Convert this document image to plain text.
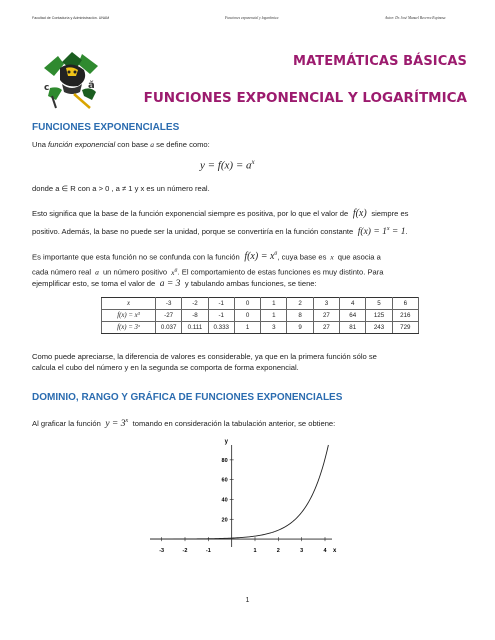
Facultad de Contaduría y Administración. UNAM	Funciones exponencial y logarítmica	Autor: Dr. José Manuel Becerra Espinosa
c	ă
MATEMÁTICAS BÁSICAS
FUNCIONES EXPONENCIAL Y LOGARÍTMICA
FUNCIONES EXPONENCIALES
Una función exponencial con base a se define como:
$y = f(x) = a^x$
donde a ∈ R con a > 0 , a ≠ 1 y x es un número real.
Esto significa que la base de la función exponencial siempre es positiva, por lo que el valor de  f(x)  siempre es
positivo. Además, la base no puede ser la unidad, porque se convertiría en la función constante  $f(x) = 1^x = 1$.
Es importante que esta función no se confunda con la función  $f(x) = x^a$, cuya base es  x  que asocia a
cada número real  a  un número positivo  $x^a$. El comportamiento de estas funciones es muy distinto. Para
ejemplificar esto, se toma el valor de  a = 3  y tabulando ambas funciones, se tiene:
x	-3	-2	-1	0	1	2	3	4	5	6
f(x) = x³	-27	-8	-1	0	1	8	27	64	125	216
f(x) = 3ˣ	0.037	0.111	0.333	1	3	9	27	81	243	729
Como puede apreciarse, la diferencia de valores es considerable, ya que en la primera función sólo se
calcula el cubo del número y en la segunda se comporta de forma exponencial.
DOMINIO, RANGO Y GRÁFICA DE FUNCIONES EXPONENCIALES
Al graficar la función  $y = 3^x$ tomando en consideración la tabulación anterior, se obtiene:
y
x
-3	-2	-1	1	2	3	4
20
40
60
80
1
